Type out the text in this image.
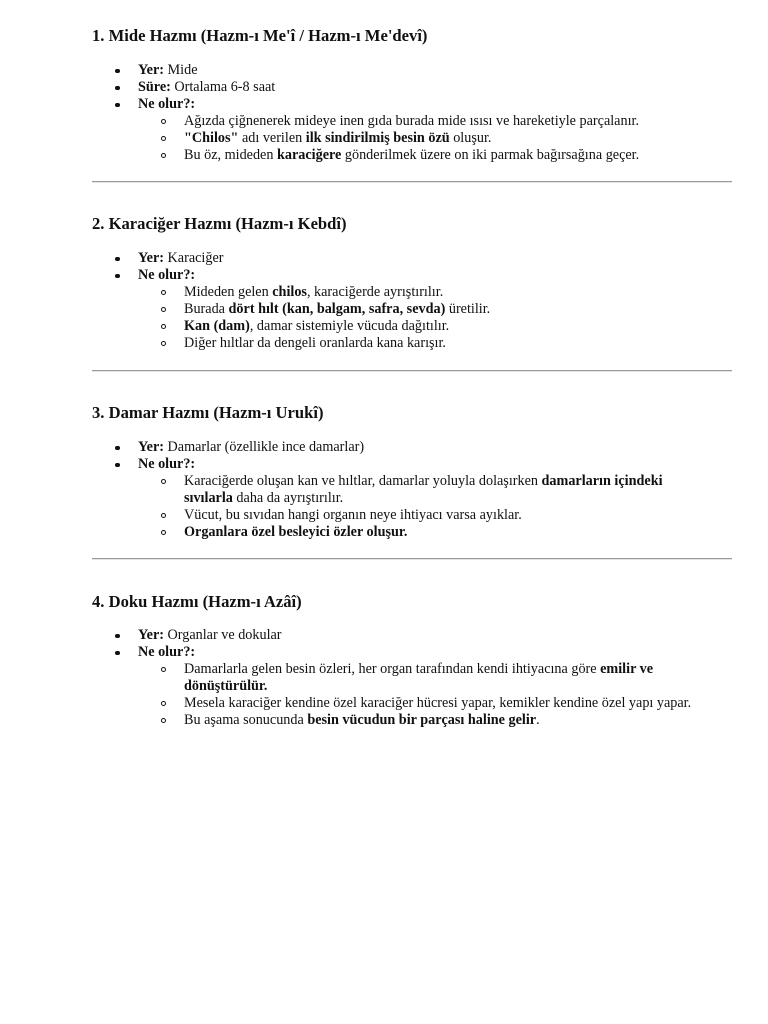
1. Mide Hazmı (Hazm-ı Me'î / Hazm-ı Me'devî)
Yer: Mide
Süre: Ortalama 6-8 saat
Ne olur?:
Ağızda çiğnenerek mideye inen gıda burada mide ısısı ve hareketiyle parçalanır.
"Chilos" adı verilen ilk sindirilmiş besin özü oluşur.
Bu öz, mideden karaciğere gönderilmek üzere on iki parmak bağırsağına geçer.
2. Karaciğer Hazmı (Hazm-ı Kebdî)
Yer: Karaciğer
Ne olur?:
Mideden gelen chilos, karaciğerde ayrıştırılır.
Burada dört hılt (kan, balgam, safra, sevda) üretilir.
Kan (dam), damar sistemiyle vücuda dağıtılır.
Diğer hıltlar da dengeli oranlarda kana karışır.
3. Damar Hazmı (Hazm-ı Urukî)
Yer: Damarlar (özellikle ince damarlar)
Ne olur?:
Karaciğerde oluşan kan ve hıltlar, damarlar yoluyla dolaşırken damarların içindeki sıvılarla daha da ayrıştırılır.
Vücut, bu sıvıdan hangi organın neye ihtiyacı varsa ayıklar.
Organlara özel besleyici özler oluşur.
4. Doku Hazmı (Hazm-ı Azâî)
Yer: Organlar ve dokular
Ne olur?:
Damarlarla gelen besin özleri, her organ tarafından kendi ihtiyacına göre emilir ve dönüştürülür.
Mesela karaciğer kendine özel karaciğer hücresi yapar, kemikler kendine özel yapı yapar.
Bu aşama sonucunda besin vücudun bir parçası haline gelir.
